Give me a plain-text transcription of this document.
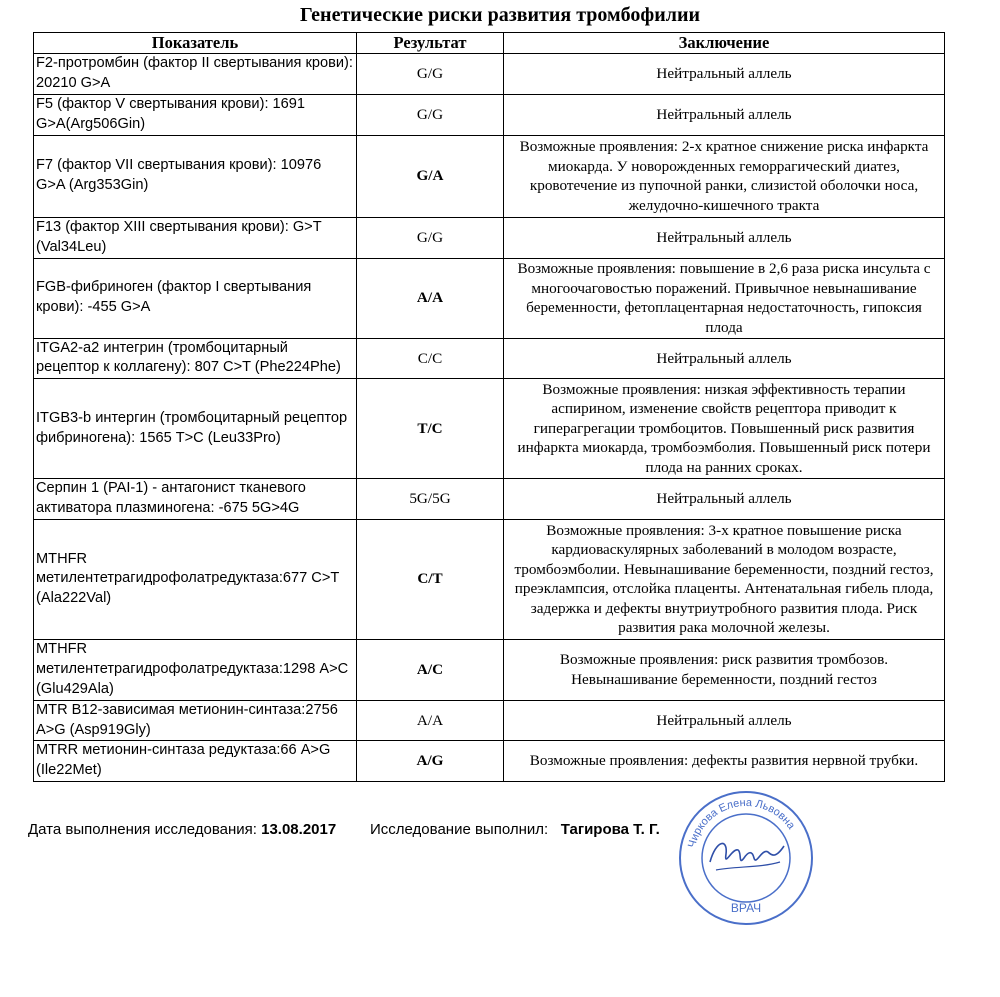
Генетические риски развития тромбофилии
Показатель	Результат	Заключение
F2-протромбин (фактор II свертывания крови): 20210 G>A	G/G	Нейтральный аллель
F5 (фактор V свертывания крови): 1691 G>A(Arg506Gin)	G/G	Нейтральный аллель
F7 (фактор VII свертывания крови): 10976 G>A (Arg353Gin)	G/A	Возможные проявления: 2-х кратное снижение риска инфаркта миокарда. У новорожденных геморрагический диатез, кровотечение из пупочной ранки, слизистой оболочки носа, желудочно-кишечного тракта
F13 (фактор XIII свертывания крови): G>T (Val34Leu)	G/G	Нейтральный аллель
FGB-фибриноген (фактор I свертывания крови): -455 G>A	A/A	Возможные проявления: повышение в 2,6 раза риска инсульта с многоочаговостью поражений. Привычное невынашивание беременности, фетоплацентарная недостаточность, гипоксия плода
ITGA2-a2 интегрин (тромбоцитарный рецептор к коллагену): 807 C>T (Phe224Phe)	C/C	Нейтральный аллель
ITGB3-b интергин (тромбоцитарный рецептор фибриногена): 1565 T>C (Leu33Pro)	T/C	Возможные проявления: низкая эффективность терапии аспирином, изменение свойств рецептора приводит к гиперагрегации тромбоцитов. Повышенный риск развития инфаркта миокарда, тромбоэмболия. Повышенный риск потери плода на ранних сроках.
Серпин 1 (PAI-1) - антагонист тканевого активатора плазминогена: -675 5G>4G	5G/5G	Нейтральный аллель
MTHFR метилентетрагидрофолатредуктаза:677 C>T (Ala222Val)	C/T	Возможные проявления: 3-х кратное повышение риска кардиоваскулярных заболеваний в молодом возрасте, тромбоэмболии. Невынашивание беременности, поздний гестоз, преэклампсия, отслойка плаценты. Антенатальная гибель плода, задержка и дефекты внутриутробного развития плода. Риск развития рака молочной железы.
MTHFR метилентетрагидрофолатредуктаза:1298 A>C (Glu429Ala)	A/C	Возможные проявления: риск развития тромбозов. Невынашивание беременности, поздний гестоз
MTR B12-зависимая метионин-синтаза:2756 A>G (Asp919Gly)	A/A	Нейтральный аллель
MTRR метионин-синтаза редуктаза:66 A>G (Ile22Met)	A/G	Возможные проявления: дефекты развития нервной трубки.
Дата выполнения исследования: 13.08.2017 Исследование выполнил: Тагирова Т. Г.
Чиркова Елена Львовна
ВРАЧ
